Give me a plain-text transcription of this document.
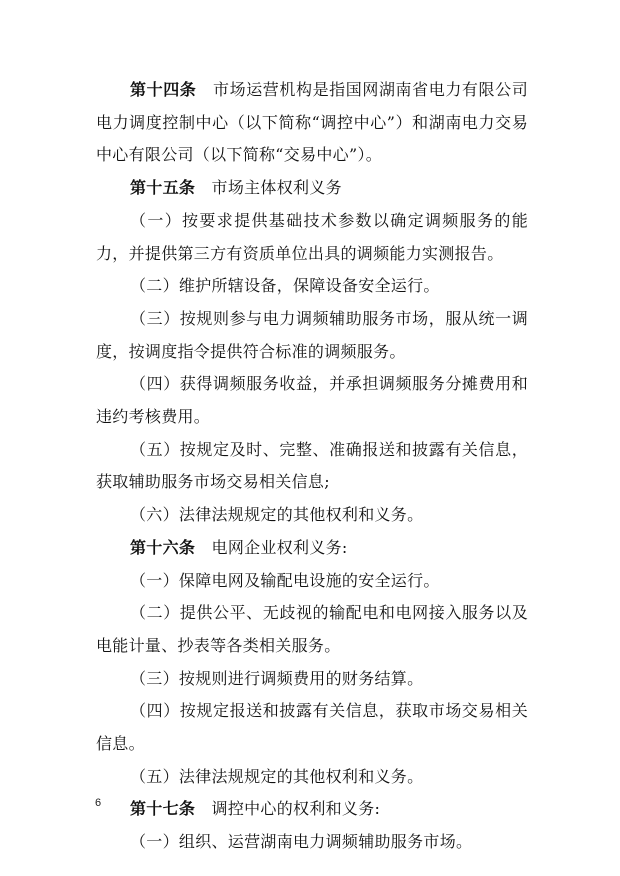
第十四条　 市场运营机构是指国网湖南省电力有限公司电力调度控制中心（以下简称“调控中心”）和湖南电力交易中心有限公司（以下简称“交易中心”）。

第十五条　 市场主体权利义务

（一）按要求提供基础技术参数以确定调频服务的能力，并提供第三方有资质单位出具的调频能力实测报告。

（二）维护所辖设备，保障设备安全运行。

（三）按规则参与电力调频辅助服务市场，服从统一调度，按调度指令提供符合标准的调频服务。

（四）获得调频服务收益，并承担调频服务分摊费用和违约考核费用。

（五）按规定及时、完整、准确报送和披露有关信息，获取辅助服务市场交易相关信息;

（六）法律法规规定的其他权利和义务。

第十六条　 电网企业权利义务:

（一）保障电网及输配电设施的安全运行。

（二）提供公平、无歧视的输配电和电网接入服务以及电能计量、抄表等各类相关服务。

（三）按规则进行调频费用的财务结算。

（四）按规定报送和披露有关信息，获取市场交易相关信息。

（五）法律法规规定的其他权利和义务。

第十七条　 调控中心的权利和义务:

（一）组织、运营湖南电力调频辅助服务市场。

6
